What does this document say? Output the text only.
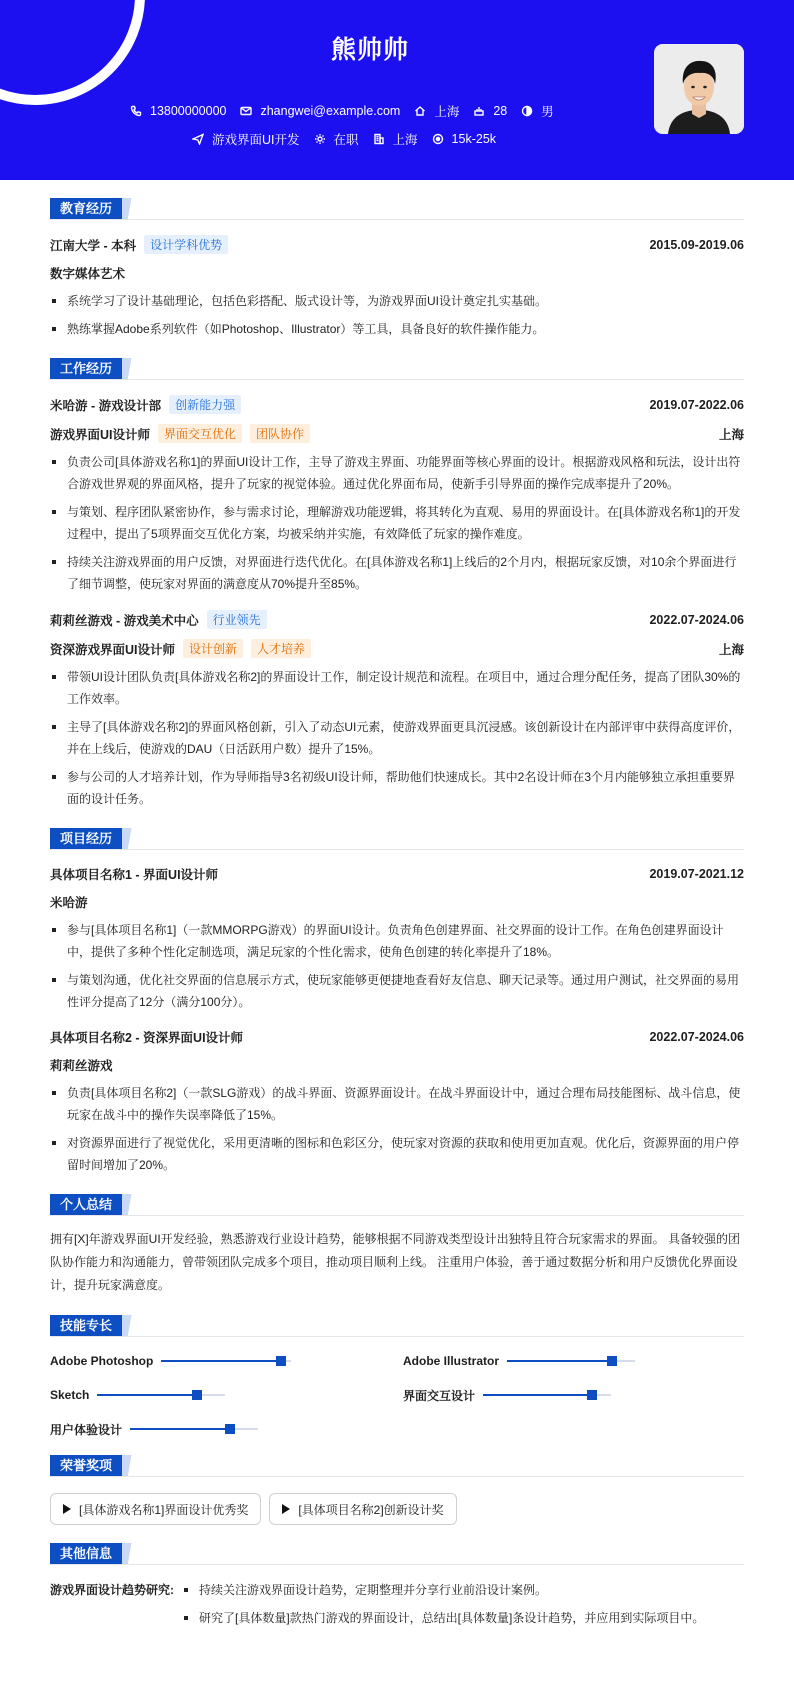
熊帅帅
13800000000	zhangwei@example.com	上海	28	男
游戏界面UI开发	在职	上海	15k-25k
教育经历
江南大学 - 本科	设计学科优势	2015.09-2019.06
数字媒体艺术
系统学习了设计基础理论，包括色彩搭配、版式设计等，为游戏界面UI设计奠定扎实基础。
熟练掌握Adobe系列软件（如Photoshop、Illustrator）等工具，具备良好的软件操作能力。
工作经历
米哈游 - 游戏设计部	创新能力强	2019.07-2022.06
游戏界面UI设计师	界面交互优化	团队协作	上海
负责公司[具体游戏名称1]的界面UI设计工作，主导了游戏主界面、功能界面等核心界面的设计。根据游戏风格和玩法，设计出符合游戏世界观的界面风格，提升了玩家的视觉体验。通过优化界面布局，使新手引导界面的操作完成率提升了20%。
与策划、程序团队紧密协作，参与需求讨论，理解游戏功能逻辑，将其转化为直观、易用的界面设计。在[具体游戏名称1]的开发过程中，提出了5项界面交互优化方案，均被采纳并实施，有效降低了玩家的操作难度。
持续关注游戏界面的用户反馈，对界面进行迭代优化。在[具体游戏名称1]上线后的2个月内，根据玩家反馈，对10余个界面进行了细节调整，使玩家对界面的满意度从70%提升至85%。
莉莉丝游戏 - 游戏美术中心	行业领先	2022.07-2024.06
资深游戏界面UI设计师	设计创新	人才培养	上海
带领UI设计团队负责[具体游戏名称2]的界面设计工作，制定设计规范和流程。在项目中，通过合理分配任务，提高了团队30%的工作效率。
主导了[具体游戏名称2]的界面风格创新，引入了动态UI元素，使游戏界面更具沉浸感。该创新设计在内部评审中获得高度评价，并在上线后，使游戏的DAU（日活跃用户数）提升了15%。
参与公司的人才培养计划，作为导师指导3名初级UI设计师，帮助他们快速成长。其中2名设计师在3个月内能够独立承担重要界面的设计任务。
项目经历
具体项目名称1 - 界面UI设计师	2019.07-2021.12
米哈游
参与[具体项目名称1]（一款MMORPG游戏）的界面UI设计。负责角色创建界面、社交界面的设计工作。在角色创建界面设计中，提供了多种个性化定制选项，满足玩家的个性化需求，使角色创建的转化率提升了18%。
与策划沟通，优化社交界面的信息展示方式，使玩家能够更便捷地查看好友信息、聊天记录等。通过用户测试，社交界面的易用性评分提高了12分（满分100分）。
具体项目名称2 - 资深界面UI设计师	2022.07-2024.06
莉莉丝游戏
负责[具体项目名称2]（一款SLG游戏）的战斗界面、资源界面设计。在战斗界面设计中，通过合理布局技能图标、战斗信息，使玩家在战斗中的操作失误率降低了15%。
对资源界面进行了视觉优化，采用更清晰的图标和色彩区分，使玩家对资源的获取和使用更加直观。优化后，资源界面的用户停留时间增加了20%。
个人总结

拥有[X]年游戏界面UI开发经验，熟悉游戏行业设计趋势，能够根据不同游戏类型设计出独特且符合玩家需求的界面。 具备较强的团队协作能力和沟通能力，曾带领团队完成多个项目，推动项目顺利上线。 注重用户体验，善于通过数据分析和用户反馈优化界面设计，提升玩家满意度。

技能专长
Adobe Photoshop	Adobe Illustrator
Sketch	界面交互设计
用户体验设计
荣誉奖项
[具体游戏名称1]界面设计优秀奖	[具体项目名称2]创新设计奖
其他信息
游戏界面设计趋势研究:	持续关注游戏界面设计趋势，定期整理并分享行业前沿设计案例。
研究了[具体数量]款热门游戏的界面设计，总结出[具体数量]条设计趋势，并应用到实际项目中。
